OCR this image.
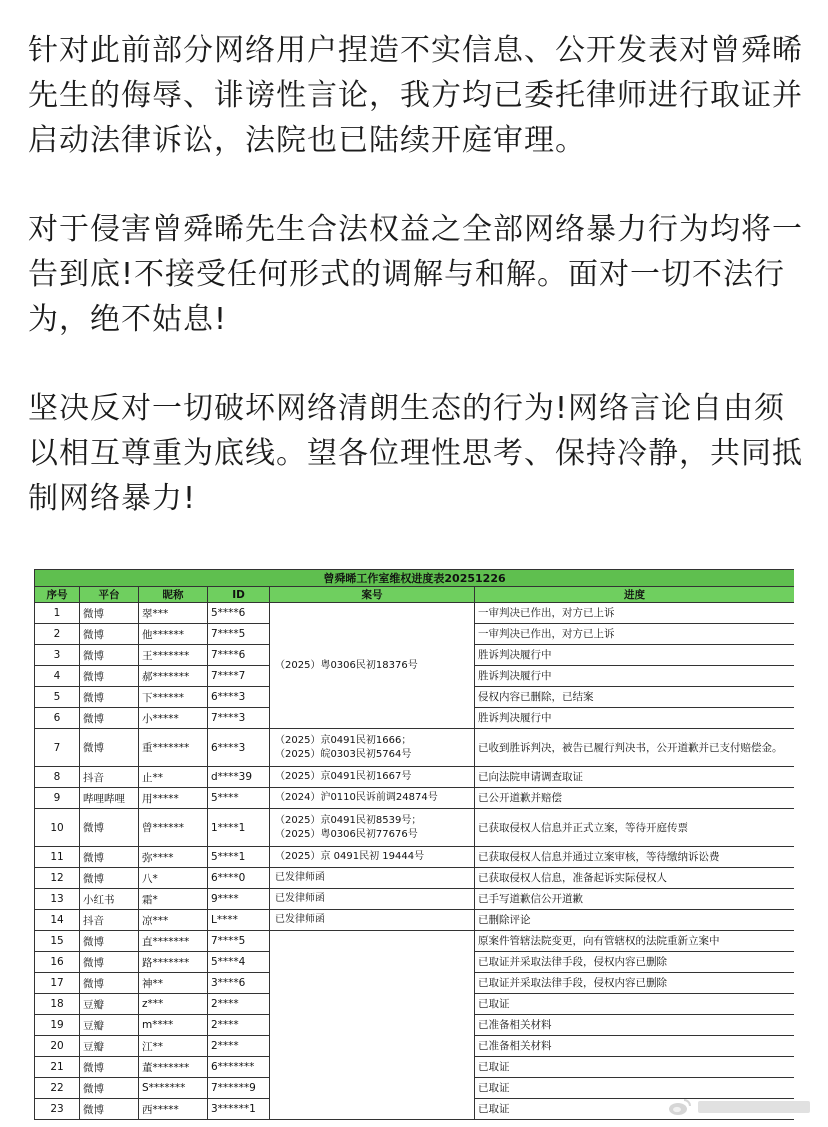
针对此前部分网络用户捏造不实信息、公开发表对曾舜晞先生的侮辱、诽谤性言论，我方均已委托律师进行取证并启动法律诉讼，法院也已陆续开庭审理。

对于侵害曾舜晞先生合法权益之全部网络暴力行为均将一告到底!不接受任何形式的调解与和解。面对一切不法行为，绝不姑息!

坚决反对一切破坏网络清朗生态的行为!网络言论自由须以相互尊重为底线。望各位理性思考、保持冷静，共同抵制网络暴力!

曾舜晞工作室维权进度表20251226					
序号	平台	昵称	ID	案号	进度
1	微博	翠***	5****6	（2025）粤0306民初18376号	一审判决已作出，对方已上诉
2	微博	他******	7****5		一审判决已作出，对方已上诉
3	微博	王*******	7****6		胜诉判决履行中
4	微博	郝*******	7****7		胜诉判决履行中
5	微博	下******	6****3		侵权内容已删除，已结案
6	微博	小*****	7****3		胜诉判决履行中
7	微博	重*******	6****3	（2025）京0491民初1666；
（2025）皖0303民初5764号	已收到胜诉判决，被告已履行判决书，公开道歉并已支付赔偿金。
8	抖音	止**	d****39	（2025）京0491民初1667号	已向法院申请调查取证
9	哔哩哔哩	用*****	5****	（2024）沪0110民诉前调24874号	已公开道歉并赔偿
10	微博	曾******	1****1	（2025）京0491民初8539号；
（2025）粤0306民初77676号	已获取侵权人信息并正式立案，等待开庭传票
11	微博	弥****	5****1	（2025）京 0491民初 19444号	已获取侵权人信息并通过立案审核，等待缴纳诉讼费
12	微博	八*	6****0	已发律师函	已获取侵权人信息，准备起诉实际侵权人
13	小红书	霜*	9****	已发律师函	已手写道歉信公开道歉
14	抖音	凉***	L****	已发律师函	已删除评论
15	微博	直*******	7****5		原案件管辖法院变更，向有管辖权的法院重新立案中
16	微博	路*******	5****4		已取证并采取法律手段，侵权内容已删除
17	微博	神**	3****6		已取证并采取法律手段，侵权内容已删除
18	豆瓣	z***	2****		已取证
19	豆瓣	m****	2****		已准备相关材料
20	豆瓣	江**	2****		已准备相关材料
21	微博	董*******	6*******		已取证
22	微博	S*******	7******9		已取证
23	微博	西*****	3******1		已取证
